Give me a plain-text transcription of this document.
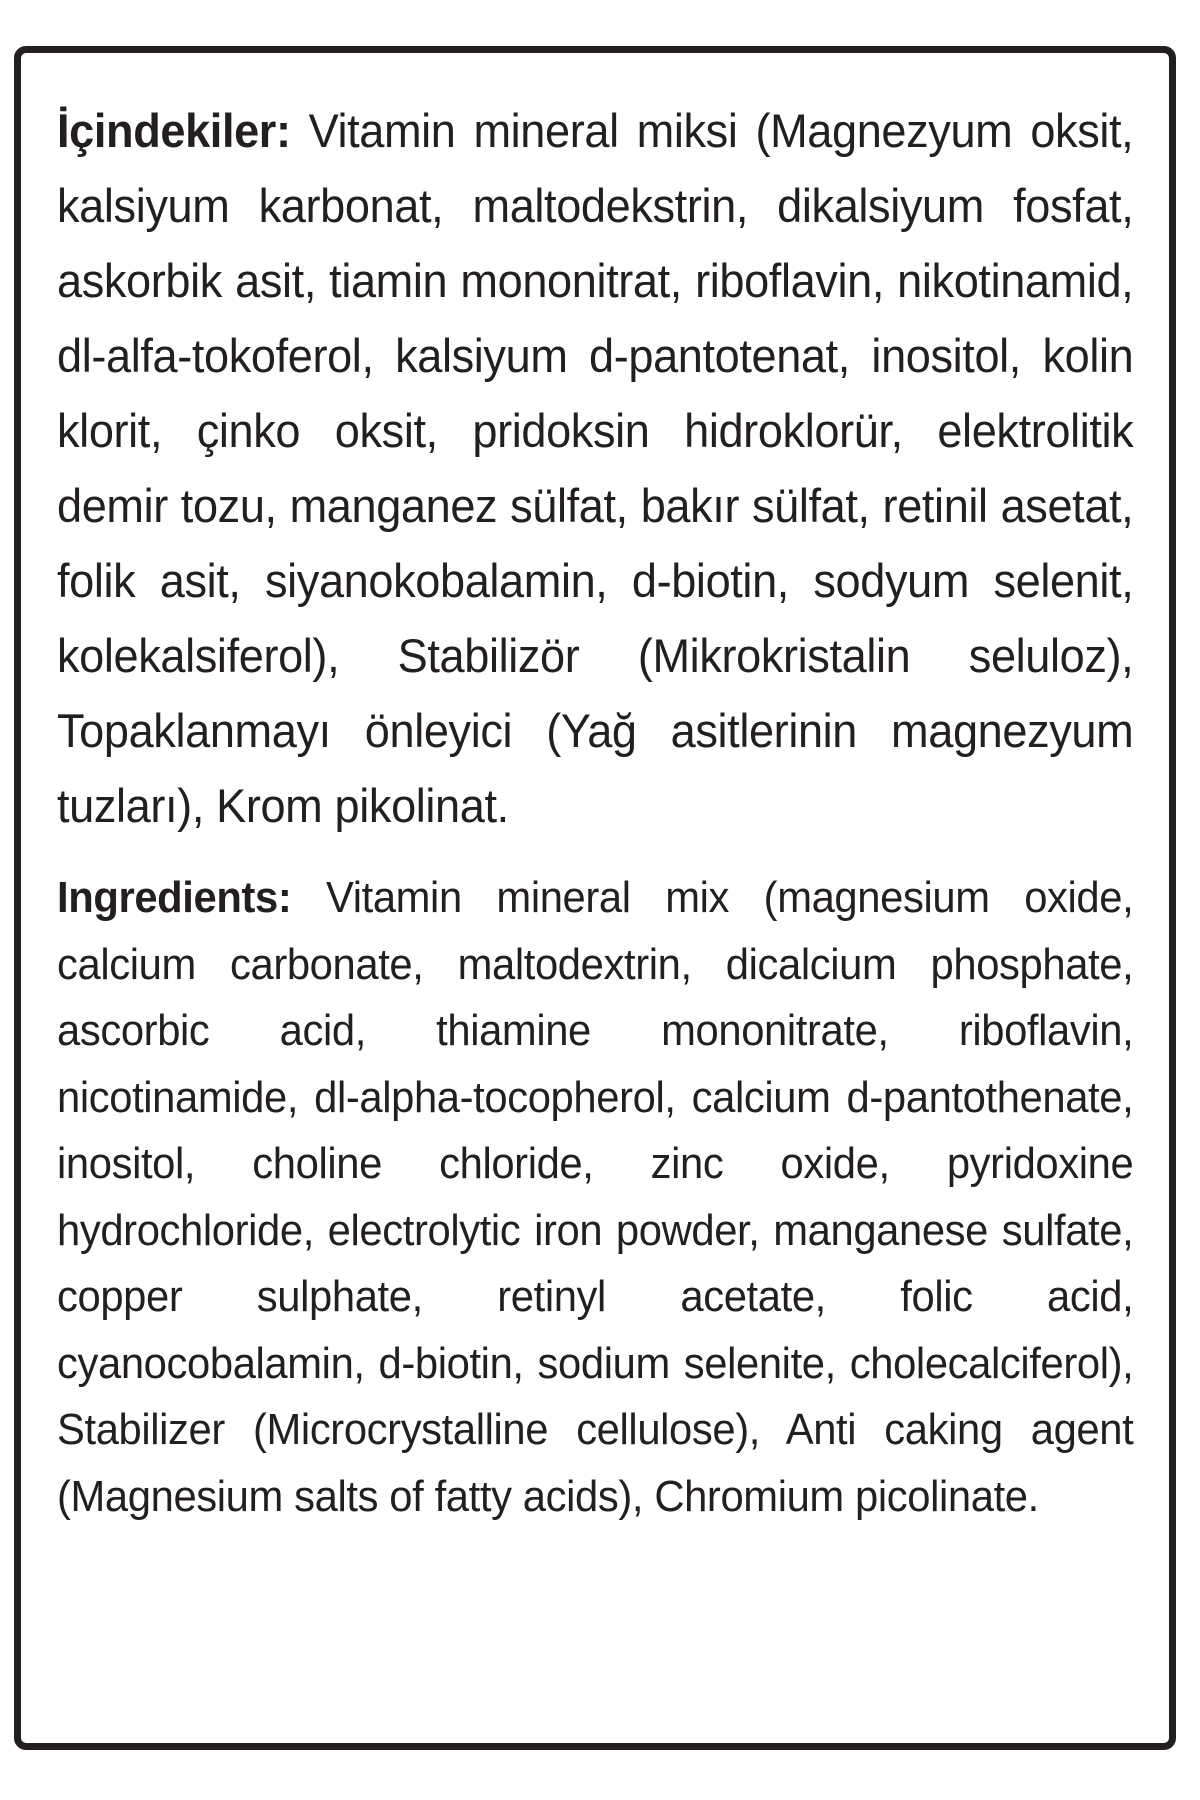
İçindekiler: Vitamin mineral miksi (Magnezyum oksit, kalsiyum karbonat, maltodekstrin, dikalsiyum fosfat, askorbik asit, tiamin mononitrat, riboflavin, nikotinamid, dl-alfa-tokoferol, kalsiyum d-pantotenat, inositol, kolin klorit, çinko oksit, pridoksin hidroklorür, elektrolitik demir tozu, manganez sülfat, bakır sülfat, retinil asetat, folik asit, siyanokobalamin, d-biotin, sodyum selenit, kolekalsiferol), Stabilizör (Mikrokristalin seluloz), Topaklanmayı önleyici (Yağ asitlerinin magnezyum tuzları), Krom pikolinat.

Ingredients: Vitamin mineral mix (magnesium oxide, calcium carbonate, maltodextrin, dicalcium phosphate, ascorbic acid, thiamine mononitrate, riboflavin, nicotinamide, dl-alpha-tocopherol, calcium d-pantothenate, inositol, choline chloride, zinc oxide, pyridoxine hydrochloride, electrolytic iron powder, manganese sulfate, copper sulphate, retinyl acetate, folic acid, cyanocobalamin, d-biotin, sodium selenite, cholecalciferol), Stabilizer (Microcrystalline cellulose), Anti caking agent (Magnesium salts of fatty acids), Chromium picolinate.
